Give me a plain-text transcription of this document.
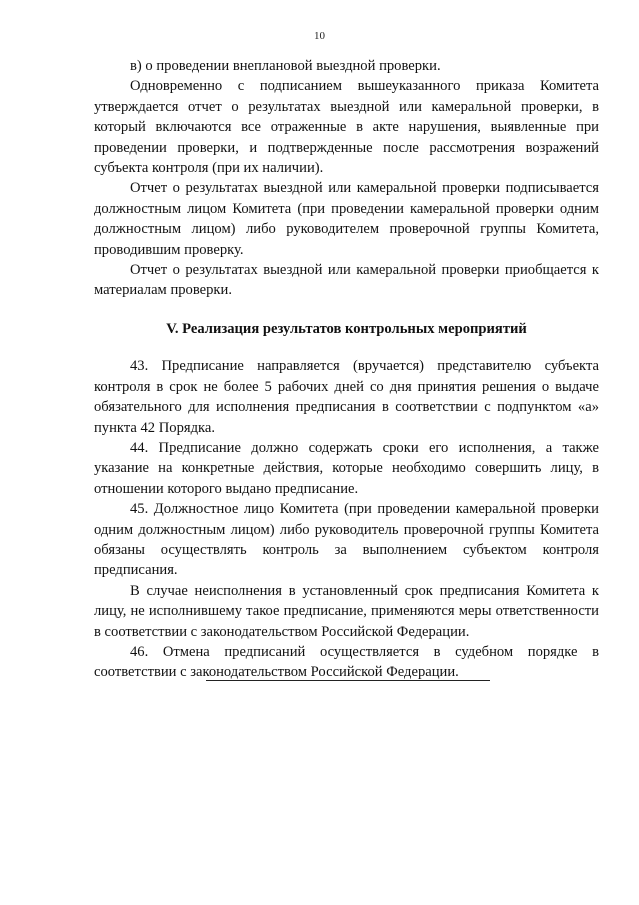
10

в) о проведении внеплановой выездной проверки.

Одновременно с подписанием вышеуказанного приказа Комитета утверждается отчет о результатах выездной или камеральной проверки, в который включаются все отраженные в акте нарушения, выявленные при проведении проверки, и подтвержденные после рассмотрения возражений субъекта контроля (при их наличии).

Отчет о результатах выездной или камеральной проверки подписывается должностным лицом Комитета (при проведении камеральной проверки одним должностным лицом) либо руководителем проверочной группы Комитета, проводившим проверку.

Отчет о результатах выездной или камеральной проверки приобщается к материалам проверки.

V. Реализация результатов контрольных мероприятий

43. Предписание направляется (вручается) представителю субъекта контроля в срок не более 5 рабочих дней со дня принятия решения о выдаче обязательного для исполнения предписания в соответствии с подпунктом «а» пункта 42 Порядка.

44. Предписание должно содержать сроки его исполнения, а также указание на конкретные действия, которые необходимо совершить лицу, в отношении которого выдано предписание.

45. Должностное лицо Комитета (при проведении камеральной проверки одним должностным лицом) либо руководитель проверочной группы Комитета обязаны осуществлять контроль за выполнением субъектом контроля предписания.

В случае неисполнения в установленный срок предписания Комитета к лицу, не исполнившему такое предписание, применяются меры ответственности в соответствии с законодательством Российской Федерации.

46. Отмена предписаний осуществляется в судебном порядке в соответствии с законодательством Российской Федерации.
